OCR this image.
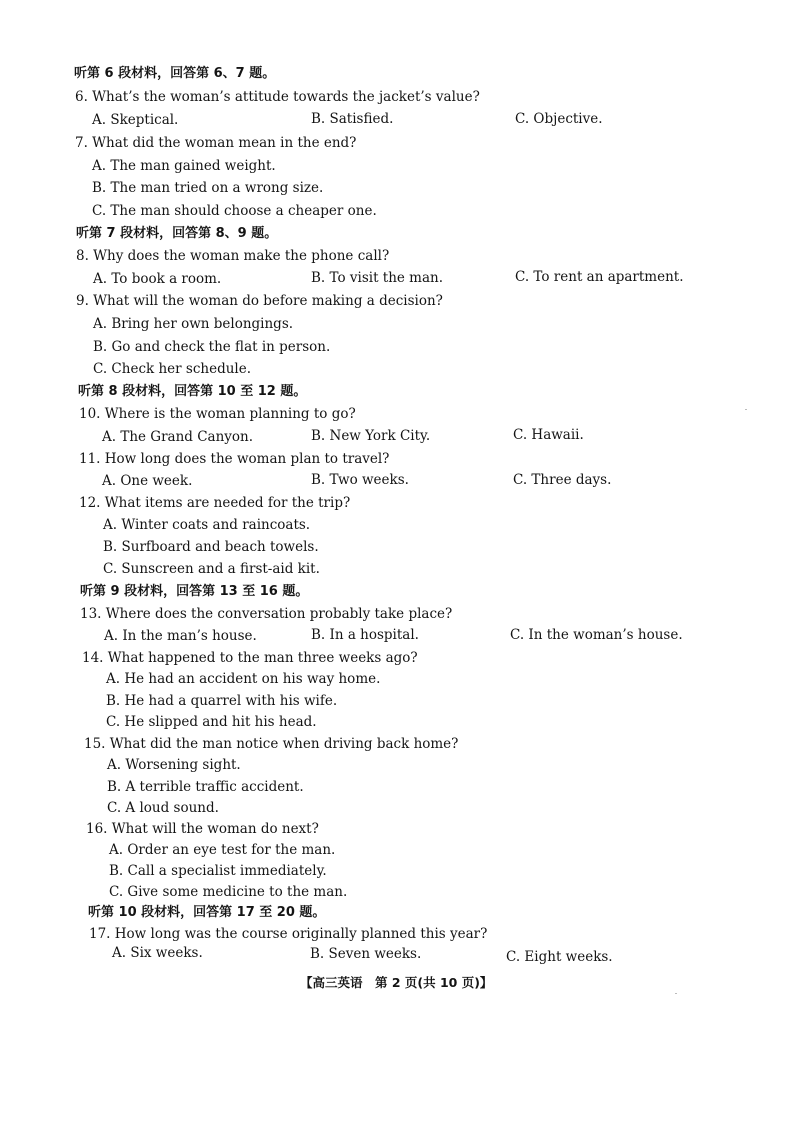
听第 6 段材料，回答第 6、7 题。
6. What’s the woman’s attitude towards the jacket’s value?
A. Skeptical.	B. Satisfied.	C. Objective.
7. What did the woman mean in the end?
A. The man gained weight.
B. The man tried on a wrong size.
C. The man should choose a cheaper one.
听第 7 段材料，回答第 8、9 题。
8. Why does the woman make the phone call?
A. To book a room.	B. To visit the man.	C. To rent an apartment.
9. What will the woman do before making a decision?
A. Bring her own belongings.
B. Go and check the flat in person.
C. Check her schedule.
听第 8 段材料，回答第 10 至 12 题。
10. Where is the woman planning to go?
A. The Grand Canyon.	B. New York City.	C. Hawaii.
11. How long does the woman plan to travel?
A. One week.	B. Two weeks.	C. Three days.
12. What items are needed for the trip?
A. Winter coats and raincoats.
B. Surfboard and beach towels.
C. Sunscreen and a first-aid kit.
听第 9 段材料，回答第 13 至 16 题。
13. Where does the conversation probably take place?
A. In the man’s house.	B. In a hospital.	C. In the woman’s house.
14. What happened to the man three weeks ago?
A. He had an accident on his way home.
B. He had a quarrel with his wife.
C. He slipped and hit his head.
15. What did the man notice when driving back home?
A. Worsening sight.
B. A terrible traffic accident.
C. A loud sound.
16. What will the woman do next?
A. Order an eye test for the man.
B. Call a specialist immediately.
C. Give some medicine to the man.
听第 10 段材料，回答第 17 至 20 题。
17. How long was the course originally planned this year?
A. Six weeks.	B. Seven weeks.	C. Eight weeks.
【高三英语　第 2 页(共 10 页)】
